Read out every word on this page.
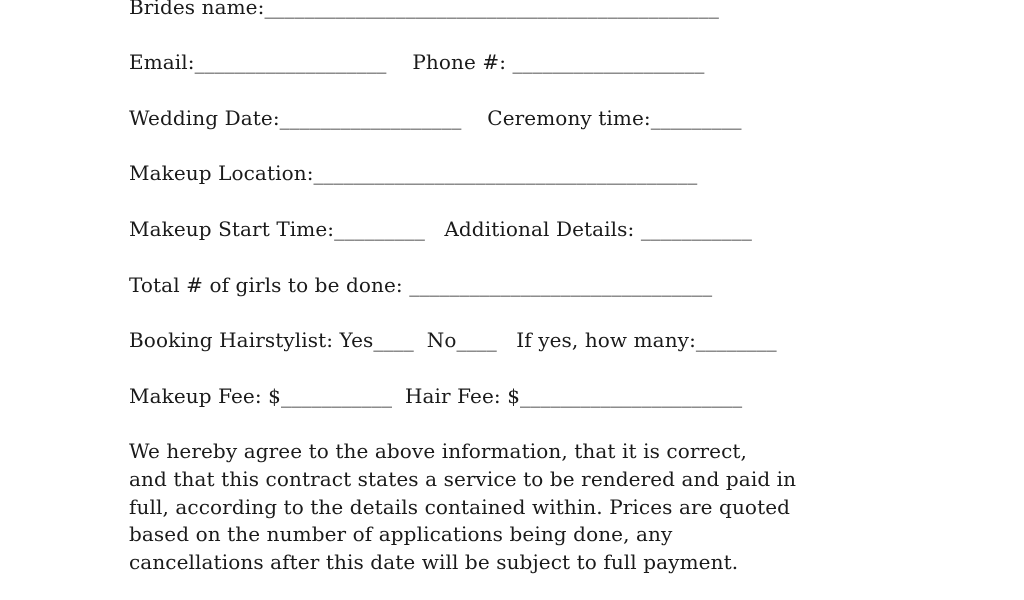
Brides name:_____________________________________________
Email:___________________    Phone #: ___________________
Wedding Date:__________________    Ceremony time:_________
Makeup Location:______________________________________
Makeup Start Time:_________   Additional Details: ___________
Total # of girls to be done: ______________________________
Booking Hairstylist: Yes____  No____   If yes, how many:________
Makeup Fee: $___________  Hair Fee: $______________________
We hereby agree to the above information, that it is correct,
and that this contract states a service to be rendered and paid in
full, according to the details contained within. Prices are quoted
based on the number of applications being done, any
cancellations after this date will be subject to full payment.
